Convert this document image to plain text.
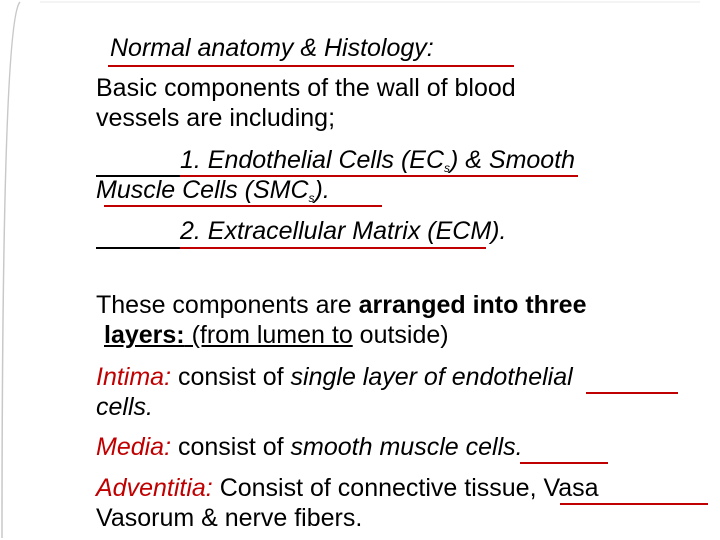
Normal anatomy & Histology:
Basic components of the wall of blood
vessels are including;
1. Endothelial Cells $(EC_s)$ & Smooth
Muscle Cells $(SMC_s)$.
2. Extracellular Matrix (ECM).
These components are arranged into three
layers: (from lumen to outside)
Intima: consist of single layer of endothelial
cells.
Media: consist of smooth muscle cells.
Adventitia: Consist of connective tissue, Vasa
Vasorum & nerve fibers.
